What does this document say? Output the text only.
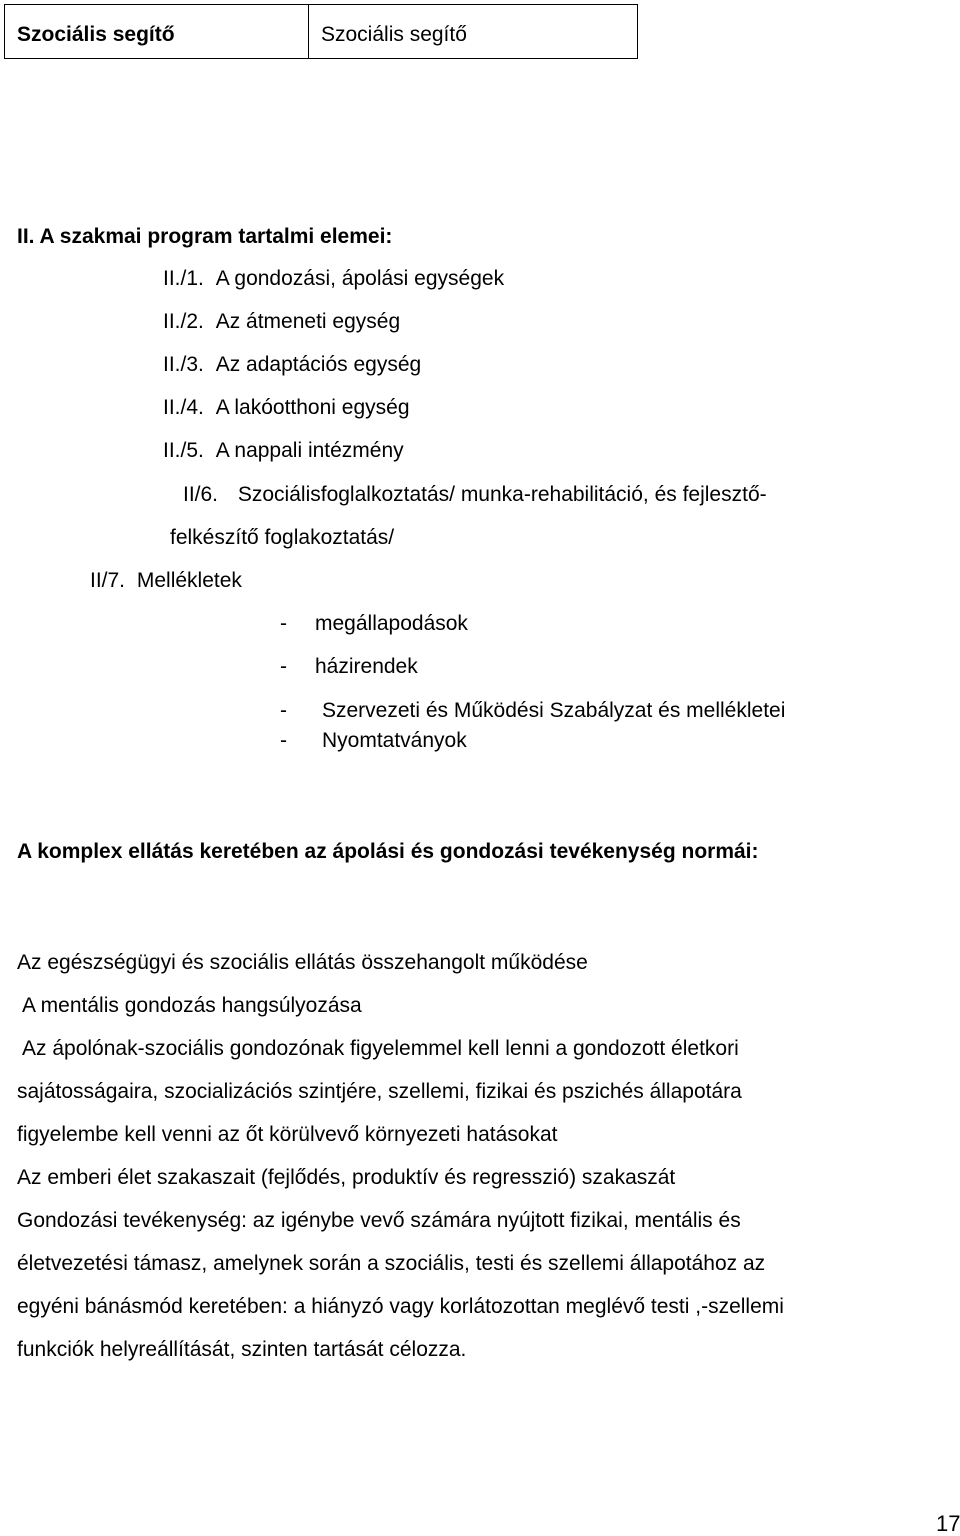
Szociális segítő	Szociális segítő
II. A szakmai program tartalmi elemei:
II./1. A gondozási, ápolási egységek
II./2. Az átmeneti egység
II./3. Az adaptációs egység
II./4. A lakóotthoni egység
II./5. A nappali intézmény
II/6. Szociálisfoglalkoztatás/ munka-rehabilitáció, és fejlesztő-
felkészítő foglakoztatás/
II/7. Mellékletek
- megállapodások
- házirendek
- Szervezeti és Működési Szabályzat és mellékletei
- Nyomtatványok
A komplex ellátás keretében az ápolási és gondozási tevékenység normái:
Az egészségügyi és szociális ellátás összehangolt működése
A mentális gondozás hangsúlyozása
Az ápolónak-szociális gondozónak figyelemmel kell lenni a gondozott életkori
sajátosságaira, szocializációs szintjére, szellemi, fizikai és pszichés állapotára
figyelembe kell venni az őt körülvevő környezeti hatásokat
Az emberi élet szakaszait (fejlődés, produktív és regresszió) szakaszát
Gondozási tevékenység: az igénybe vevő számára nyújtott fizikai, mentális és
életvezetési támasz, amelynek során a szociális, testi és szellemi állapotához az
egyéni bánásmód keretében: a hiányzó vagy korlátozottan meglévő testi ,-szellemi
funkciók helyreállítását, szinten tartását célozza.
17
